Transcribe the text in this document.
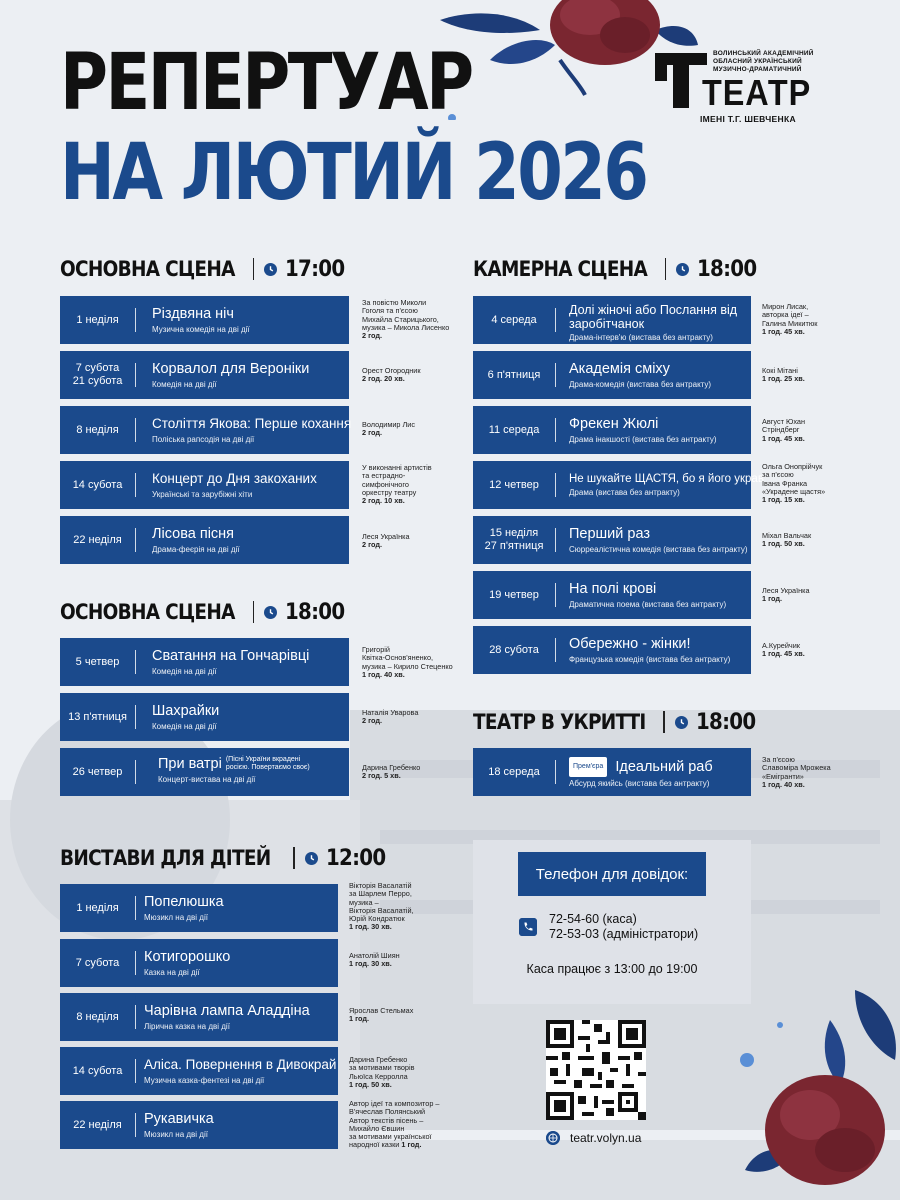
РЕПЕРТУАР
НА ЛЮТИЙ 2026
ВОЛИНСЬКИЙ АКАДЕМІЧНИЙ ОБЛАСНИЙ УКРАЇНСЬКИЙ МУЗИЧНО-ДРАМАТИЧНИЙ
ТЕАТР
ІМЕНІ Т.Г. ШЕВЧЕНКА
ОСНОВНА СЦЕНА 17:00
1 неділя Різдвяна ніч
Музична комедія на дві дії
За повістю Миколи
Гоголя та п'єсою
Михайла Старицького,
музика – Микола Лисенко
2 год.
7 субота
21 субота
Корвалол для Вероніки
Комедія на дві дії
Орест Огородник
2 год. 20 хв.
8 неділя Століття Якова: Перше кохання
Поліська рапсодія на дві дії
Володимир Лис
2 год.
14 субота Концерт до Дня закоханих
Українські та зарубіжні хіти
У виконанні артистів
та естрадно-
симфонічного
оркестру театру
2 год. 10 хв.
22 неділя Лісова пісня
Драма-феєрія на дві дії
Леся Українка
2 год.
ОСНОВНА СЦЕНА 18:00
5 четвер Сватання на Гончарівці
Комедія на дві дії
Григорій
Квітка-Основ'яненко,
музика – Кирило Стеценко
1 год. 40 хв.
13 п'ятниця Шахрайки
Комедія на дві дії
Наталія Уварова
2 год.
26 четвер При ватрі (Пісні України вкрадені росією. Повертаємо своє)
Концерт-вистава на дві дії
Дарина Гребенко
2 год. 5 хв.
ВИСТАВИ ДЛЯ ДІТЕЙ	12:00
1 неділя Попелюшка
Мюзикл на дві дії
Вікторія Васалатій
за Шарлем Перро,
музика –
Вікторія Васалатій,
Юрій Кондратюк
1 год. 30 хв.
7 субота Котигорошко
Казка на дві дії
Анатолій Шиян
1 год. 30 хв.
8 неділя Чарівна лампа Аладдіна
Лірична казка на дві дії
Ярослав Стельмах
1 год.
14 субота Аліса. Повернення в Дивокрай
Музична казка-фентезі на дві дії
Дарина Гребенко
за мотивами творів
Льюїса Керролла
1 год. 50 хв.
22 неділя Рукавичка
Мюзикл на дві дії
Автор ідеї та композитор –
В'ячеслав Полянський
Автор текстів пісень –
Михайло Євшин
за мотивами української
народної казки 1 год.
КАМЕРНА СЦЕНА 18:00
4 середа
Долі жіночі або Послання від заробітчанок
Драма-інтерв'ю (вистава без антракту)
Мирон Лисак,
авторка ідеї –
Галина Микитюк
1 год. 45 хв.
6 п'ятниця Академія сміху
Драма-комедія (вистава без антракту)
Кокі Мітані
1 год. 25 хв.
11 середа Фрекен Жюлі
Драма інакшості (вистава без антракту)
Август Юхан
Стріндберг
1 год. 45 хв.
12 четвер	Не шукайте ЩАСТЯ, бо я його украв
Драма (вистава без антракту)
Ольга Онопрійчук
за п'єсою
Івана Франка
«Украдене щастя»
1 год. 15 хв.
15 неділя
27 п'ятниця
Перший раз
Сюрреалістична комедія (вистава без антракту)
Міхал Вальчак
1 год. 50 хв.
19 четвер На полі крові
Драматична поема (вистава без антракту)
Леся Українка
1 год.
28 субота Обережно - жінки!
Французька комедія (вистава без антракту)
А.Курейчик
1 год. 45 хв.
ТЕАТР В УКРИТТІ 18:00
18 середа	Прем'єра Ідеальний раб
Абсурд якийсь (вистава без антракту)
За п'єсою
Славоміра Мрожека
«Емігранти»
1 год. 40 хв.
Телефон для довідок:
72-54-60 (каса)
72-53-03 (адміністратори)
Каса працює з 13:00 до 19:00
teatr.volyn.ua
